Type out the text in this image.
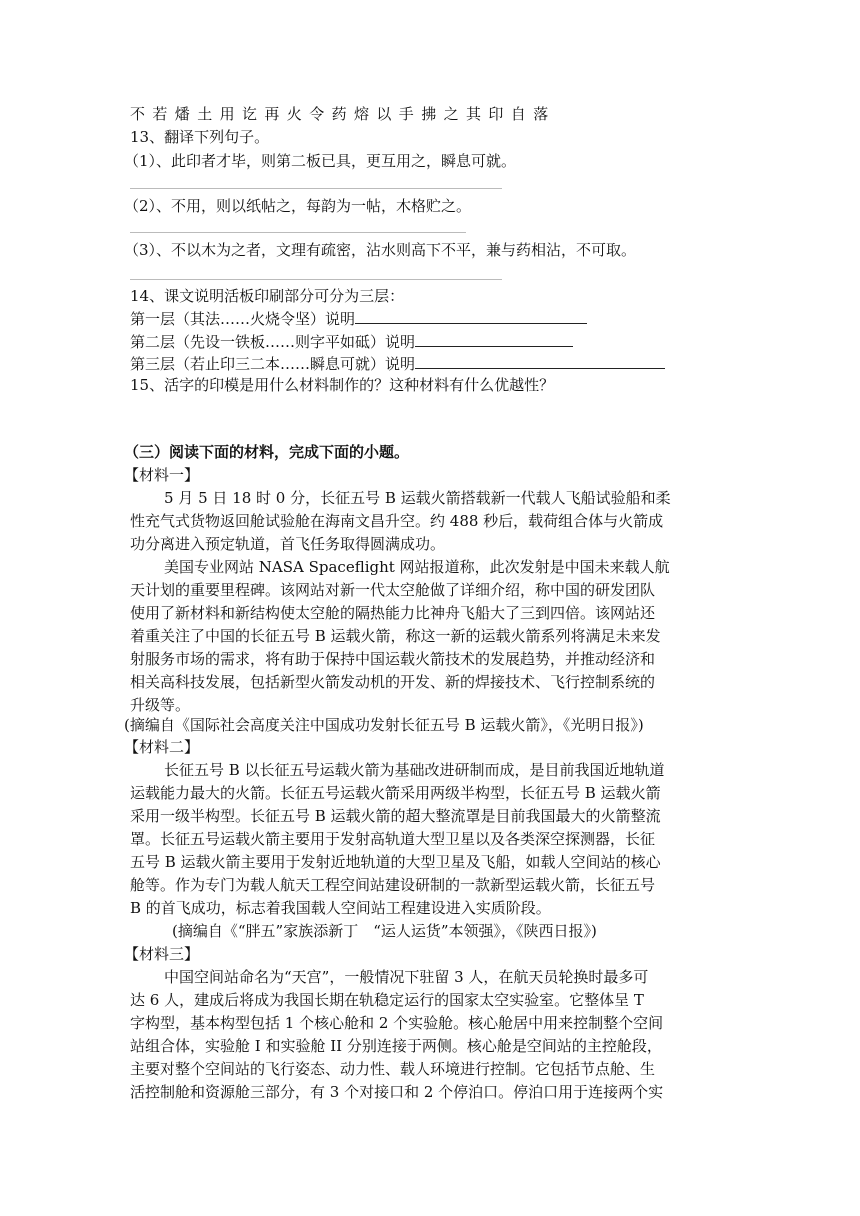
不若燔土用讫再火令药熔以手拂之其印自落
13、翻译下列句子。
（1）、此印者才毕，则第二板已具，更互用之，瞬息可就。
（2）、不用，则以纸帖之，每韵为一帖，木格贮之。
（3）、不以木为之者，文理有疏密，沾水则高下不平，兼与药相沾，不可取。
14、课文说明活板印刷部分可分为三层：
第一层（其法……火烧令坚）说明
第二层（先设一铁板……则字平如砥）说明
第三层（若止印三二本……瞬息可就）说明
15、活字的印模是用什么材料制作的？这种材料有什么优越性？
（三）阅读下面的材料，完成下面的小题。
【材料一】
5 月 5 日 18 时 0 分，长征五号 B 运载火箭搭载新一代载人飞船试验船和柔
性充气式货物返回舱试验舱在海南文昌升空。约 488 秒后，载荷组合体与火箭成
功分离进入预定轨道，首飞任务取得圆满成功。
美国专业网站 NASA Spaceflight 网站报道称，此次发射是中国未来载人航
天计划的重要里程碑。该网站对新一代太空舱做了详细介绍，称中国的研发团队
使用了新材料和新结构使太空舱的隔热能力比神舟飞船大了三到四倍。该网站还
着重关注了中国的长征五号 B 运载火箭，称这一新的运载火箭系列将满足未来发
射服务市场的需求，将有助于保持中国运载火箭技术的发展趋势，并推动经济和
相关高科技发展，包括新型火箭发动机的开发、新的焊接技术、飞行控制系统的
升级等。
(摘编自《国际社会高度关注中国成功发射长征五号 B 运载火箭》，《光明日报》)
【材料二】
长征五号 B 以长征五号运载火箭为基础改进研制而成，是目前我国近地轨道
运载能力最大的火箭。长征五号运载火箭采用两级半构型，长征五号 B 运载火箭
采用一级半构型。长征五号 B 运载火箭的超大整流罩是目前我国最大的火箭整流
罩。长征五号运载火箭主要用于发射高轨道大型卫星以及各类深空探测器，长征
五号 B 运载火箭主要用于发射近地轨道的大型卫星及飞船，如载人空间站的核心
舱等。作为专门为载人航天工程空间站建设研制的一款新型运载火箭，长征五号
B 的首飞成功，标志着我国载人空间站工程建设进入实质阶段。
(摘编自《“胖五”家族添新丁　“运人运货”本领强》，《陕西日报》)
【材料三】
中国空间站命名为“天宫”，一般情况下驻留 3 人，在航天员轮换时最多可
达 6 人，建成后将成为我国长期在轨稳定运行的国家太空实验室。它整体呈 T
字构型，基本构型包括 1 个核心舱和 2 个实验舱。核心舱居中用来控制整个空间
站组合体，实验舱 I 和实验舱 II 分别连接于两侧。核心舱是空间站的主控舱段，
主要对整个空间站的飞行姿态、动力性、载人环境进行控制。它包括节点舱、生
活控制舱和资源舱三部分，有 3 个对接口和 2 个停泊口。停泊口用于连接两个实
